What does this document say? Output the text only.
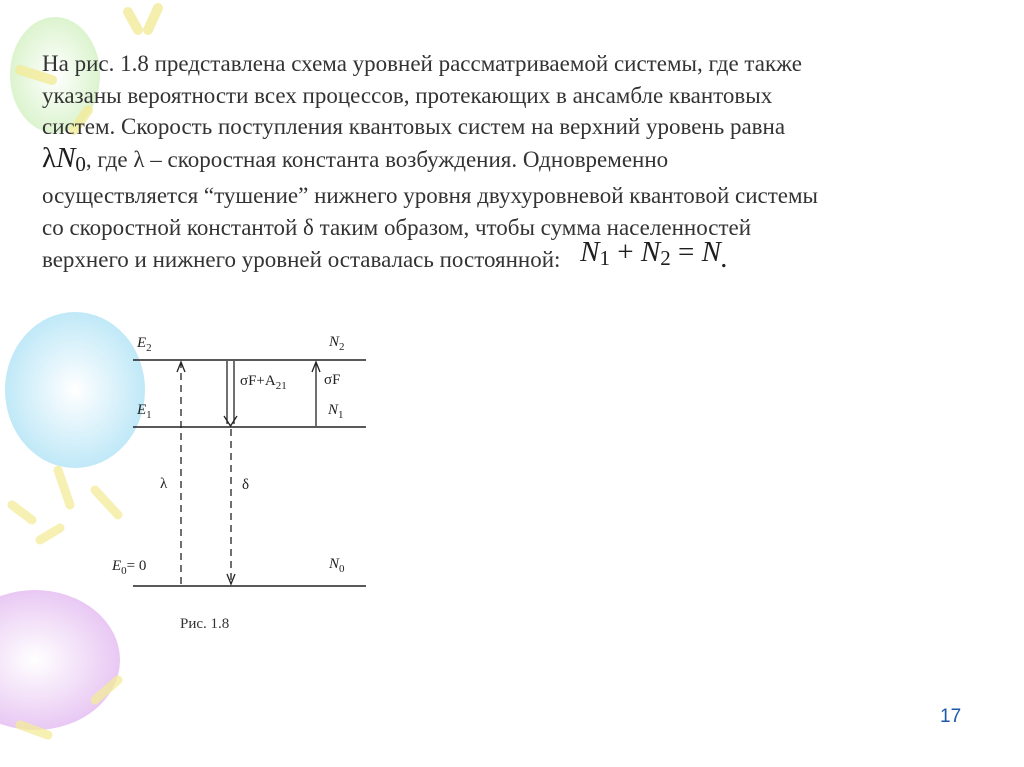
На рис. 1.8 представлена схема уровней рассматриваемой системы, где также
указаны вероятности всех процессов, протекающих в ансамбле квантовых
систем. Скорость поступления квантовых систем на верхний уровень равна
$\lambda N_0$, где λ – скоростная константа возбуждения. Одновременно
осуществляется “тушение” нижнего уровня двухуровневой квантовой системы
со скоростной константой δ таким образом, чтобы сумма населенностей
верхнего и нижнего уровней оставалась постоянной: $N_1 + N_2 = N$.
$E_2$
$E_1$
$E_0= 0$
$N_2$
$N_1$
$N_0$
$\sigma F+A_{21}$ σF
λ	δ
Рис. 1.8
17
